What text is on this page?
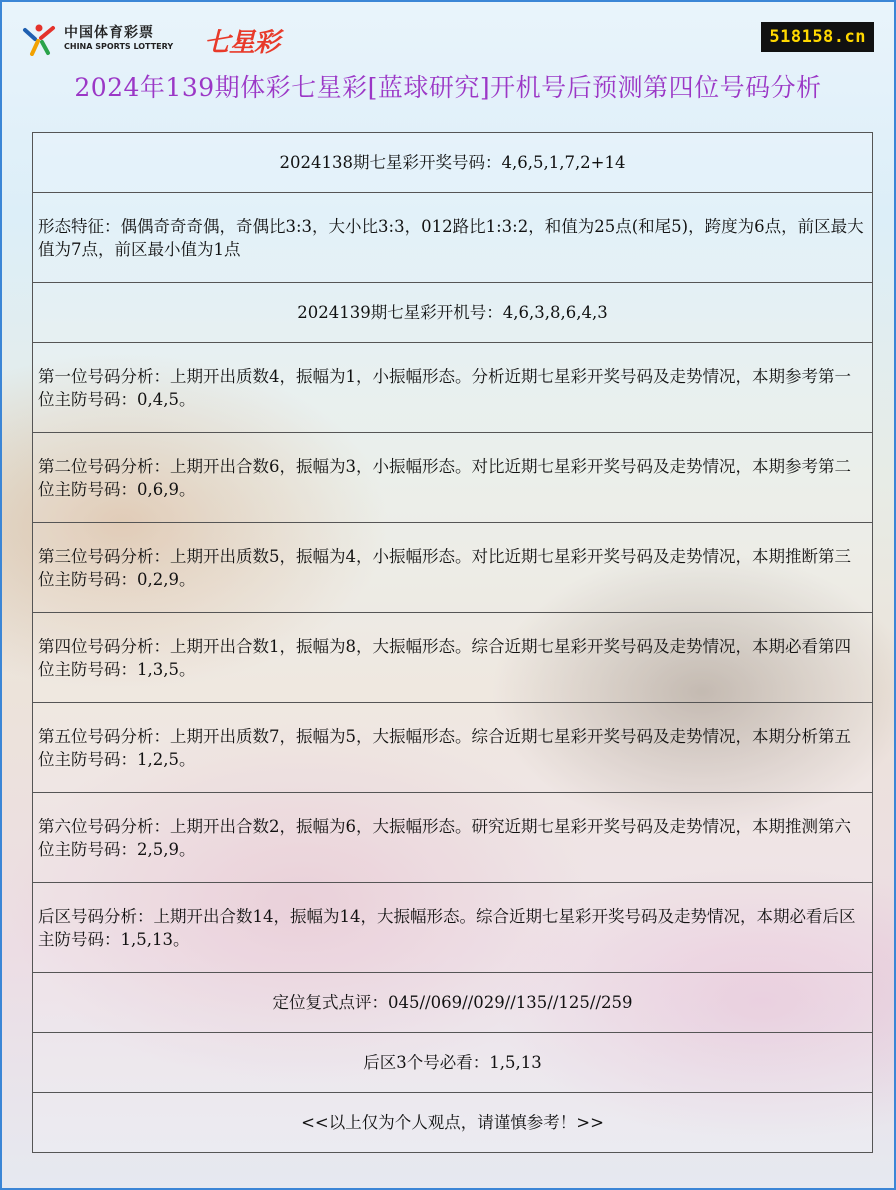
中国体育彩票
CHINA SPORTS LOTTERY 七星彩	518158.cn
2024年139期体彩七星彩[蓝球研究]开机号后预测第四位号码分析
2024138期七星彩开奖号码：4,6,5,1,7,2+14
形态特征：偶偶奇奇奇偶，奇偶比3:3，大小比3:3，012路比1:3:2，和值为25点(和尾5)，跨度为6点，前区最大值为7点，前区最小值为1点
2024139期七星彩开机号：4,6,3,8,6,4,3
第一位号码分析：上期开出质数4，振幅为1，小振幅形态。分析近期七星彩开奖号码及走势情况，本期参考第一位主防号码：0,4,5。
第二位号码分析：上期开出合数6，振幅为3，小振幅形态。对比近期七星彩开奖号码及走势情况，本期参考第二位主防号码：0,6,9。
第三位号码分析：上期开出质数5，振幅为4，小振幅形态。对比近期七星彩开奖号码及走势情况，本期推断第三位主防号码：0,2,9。
第四位号码分析：上期开出合数1，振幅为8，大振幅形态。综合近期七星彩开奖号码及走势情况，本期必看第四位主防号码：1,3,5。
第五位号码分析：上期开出质数7，振幅为5，大振幅形态。综合近期七星彩开奖号码及走势情况，本期分析第五位主防号码：1,2,5。
第六位号码分析：上期开出合数2，振幅为6，大振幅形态。研究近期七星彩开奖号码及走势情况，本期推测第六位主防号码：2,5,9。
后区号码分析：上期开出合数14，振幅为14，大振幅形态。综合近期七星彩开奖号码及走势情况，本期必看后区主防号码：1,5,13。
定位复式点评：045//069//029//135//125//259
后区3个号必看：1,5,13
<<以上仅为个人观点，请谨慎参考！>>
